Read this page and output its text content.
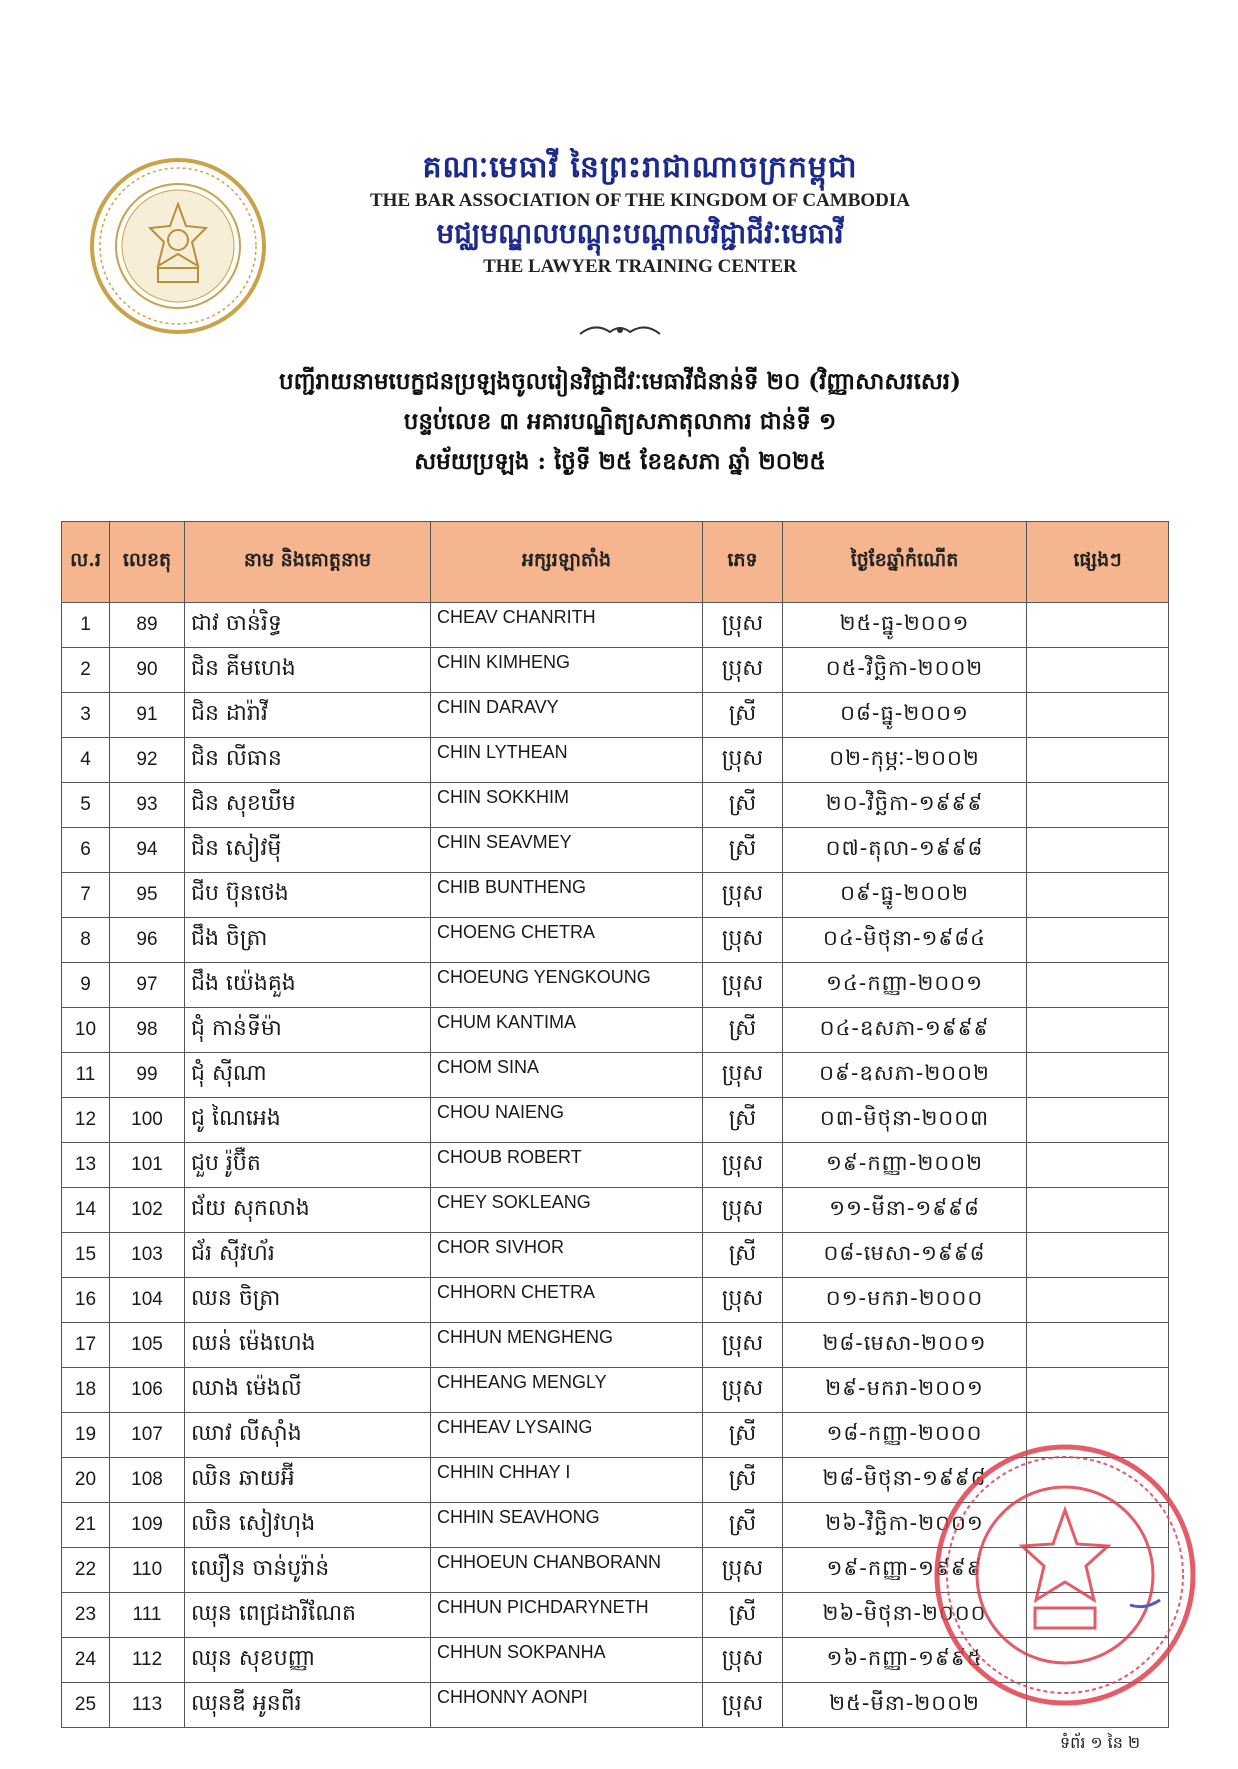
គណៈមេធាវី នៃព្រះរាជាណាចក្រកម្ពុជា
THE BAR ASSOCIATION OF THE KINGDOM OF CAMBODIA
មជ្ឈមណ្ឌលបណ្តុះបណ្តាលវិជ្ជាជីវៈមេធាវី
THE LAWYER TRAINING CENTER
បញ្ជីរាយនាមបេក្ខជនប្រឡងចូលរៀនវិជ្ជាជីវៈមេធាវីជំនាន់ទី ២០ (វិញ្ញាសាសរសេរ)
បន្ទប់លេខ ៣ អគារបណ្ឌិត្យសភាតុលាការ ជាន់ទី ១
សម័យប្រឡង : ថ្ងៃទី ២៥ ខែឧសភា ឆ្នាំ ២០២៥
ល.រ	លេខតុ	នាម និងគោត្តនាម	អក្សរឡាតាំង	ភេទ	ថ្ងៃខែឆ្នាំកំណើត	ផ្សេងៗ
1	89	ជាវ ចាន់រិទ្ធ	CHEAV CHANRITH	ប្រុស	២៥-ធ្នូ-២០០១	
2	90	ជិន គីមហេង	CHIN KIMHENG	ប្រុស	០៥-វិច្ឆិកា-២០០២	
3	91	ជិន ដារ៉ាវី	CHIN DARAVY	ស្រី	០៨-ធ្នូ-២០០១	
4	92	ជិន លីធាន	CHIN LYTHEAN	ប្រុស	០២-កុម្ភៈ-២០០២	
5	93	ជិន សុខឃីម	CHIN SOKKHIM	ស្រី	២០-វិច្ឆិកា-១៩៩៩	
6	94	ជិន សៀវម៉ី	CHIN SEAVMEY	ស្រី	០៧-តុលា-១៩៩៨	
7	95	ជីប ប៊ុនថេង	CHIB BUNTHENG	ប្រុស	០៩-ធ្នូ-២០០២	
8	96	ជឹង ចិត្រា	CHOENG CHETRA	ប្រុស	០៤-មិថុនា-១៩៨៤	
9	97	ជឹង យ៉េងគួង	CHOEUNG YENGKOUNG	ប្រុស	១៤-កញ្ញា-២០០១	
10	98	ជុំ កាន់ទីម៉ា	CHUM KANTIMA	ស្រី	០៤-ឧសភា-១៩៩៩	
11	99	ជុំ ស៊ីណា	CHOM SINA	ប្រុស	០៩-ឧសភា-២០០២	
12	100	ជូ ណៃអេង	CHOU NAIENG	ស្រី	០៣-មិថុនា-២០០៣	
13	101	ជួប រ៉ូប៊ឺត	CHOUB ROBERT	ប្រុស	១៩-កញ្ញា-២០០២	
14	102	ជ័យ សុកលាង	CHEY SOKLEANG	ប្រុស	១១-មីនា-១៩៩៨	
15	103	ជ័រ ស៊ីវហ័រ	CHOR SIVHOR	ស្រី	០៨-មេសា-១៩៩៨	
16	104	ឈន ចិត្រា	CHHORN CHETRA	ប្រុស	០១-មករា-២០០០	
17	105	ឈន់ ម៉េងហេង	CHHUN MENGHENG	ប្រុស	២៨-មេសា-២០០១	
18	106	ឈាង ម៉េងលី	CHHEANG MENGLY	ប្រុស	២៩-មករា-២០០១	
19	107	ឈាវ លីស៊ាំង	CHHEAV LYSAING	ស្រី	១៨-កញ្ញា-២០០០	
20	108	ឈិន ឆាយអ៊ី	CHHIN CHHAY I	ស្រី	២៨-មិថុនា-១៩៩៨	
21	109	ឈិន សៀវហុង	CHHIN SEAVHONG	ស្រី	២៦-វិច្ឆិកា-២០០១	
22	110	ឈឿន ចាន់បូរ៉ាន់	CHHOEUN CHANBORANN	ប្រុស	១៩-កញ្ញា-១៩៩៩	
23	111	ឈុន ពេជ្រដារីណែត	CHHUN PICHDARYNETH	ស្រី	២៦-មិថុនា-២០០០	
24	112	ឈុន សុខបញ្ញា	CHHUN SOKPANHA	ប្រុស	១៦-កញ្ញា-១៩៩៥	
25	113	ឈុនឌី អូនពីរ	CHHONNY AONPI	ប្រុស	២៥-មីនា-២០០២	
ទំព័រ ១ នៃ ២
